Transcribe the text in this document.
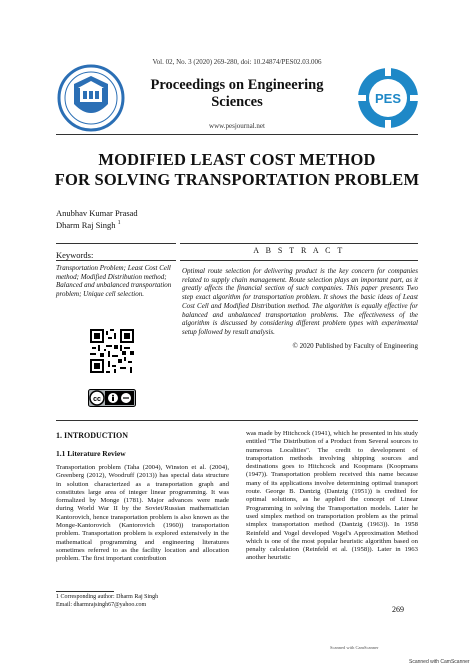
Vol. 02, No. 3 (2020) 269-280, doi: 10.24874/PES02.03.006
Proceedings on Engineering Sciences
www.pesjournal.net
PES
MODIFIED LEAST COST METHOD
FOR SOLVING TRANSPORTATION PROBLEM
Anubhav Kumar Prasad
Dharm Raj Singh $^1$
Keywords:
Transportation Problem; Least Cost Cell method; Modified Distribution method; Balanced and unbalanced transportation problem; Unique cell selection.
A B S T R A C T
Optimal route selection for delivering product is the key concern for companies related to supply chain management. Route selection plays an important part, as it greatly affects the financial section of such companies. This paper presents Two step exact algorithm for transportation problem. It shows the basic ideas of Least Cost Cell and Modified Distribution method. The algorithm is equally effective for balanced and unbalanced transportation problems. The effectiveness of the algorithm is discussed by considering different problem types with experimental setup followed by result analysis.
© 2020 Published by Faculty of Engineering
cc
1. INTRODUCTION
1.1 Literature Review
Transportation problem (Taha (2004), Winston et al. (2004), Greenberg (2012), Woodruff (2013)) has special data structure in solution characterized as a transportation graph and constitutes large area of integer linear programming. It was formalized by Monge (1781). Major advances were made during World War II by the Soviet/Russian mathematician Kantorovich, hence transportation problem is also known as the Monge-Kantorovich (Kantorovich (1960)) transportation problem. Transportation problem is explored extensively in the mathematical programming and engineering literatures sometimes referred to as the facility location and allocation problem. The first important contribution
was made by Hitchcock (1941), which he presented in his study entitled "The Distribution of a Product from Several sources to numerous Localities". The credit to development of transportation methods involving shipping sources and destinations goes to Hitchcock and Koopmans (Koopmans (1947)). Transportation problem received this name because many of its applications involve determining optimal transport route. George B. Dantzig (Dantzig (1951)) is credited for optimal solutions, as he applied the concept of Linear Programming in solving the Transportation models. Later he used simplex method on transportation problem as the primal simplex transportation method (Dantzig (1963)). In 1958 Reinfeld and Vogel developed Vogel's Approximation Method which is one of the most popular heuristic algorithm based on penalty calculation (Reinfeld et al. (1958)). Later in 1963 another heuristic
1 Corresponding author: Dharm Raj Singh
Email: dharmrajsingh67@yahoo.com
269
Scanned with CamScanner
Scanned with CamScanner
